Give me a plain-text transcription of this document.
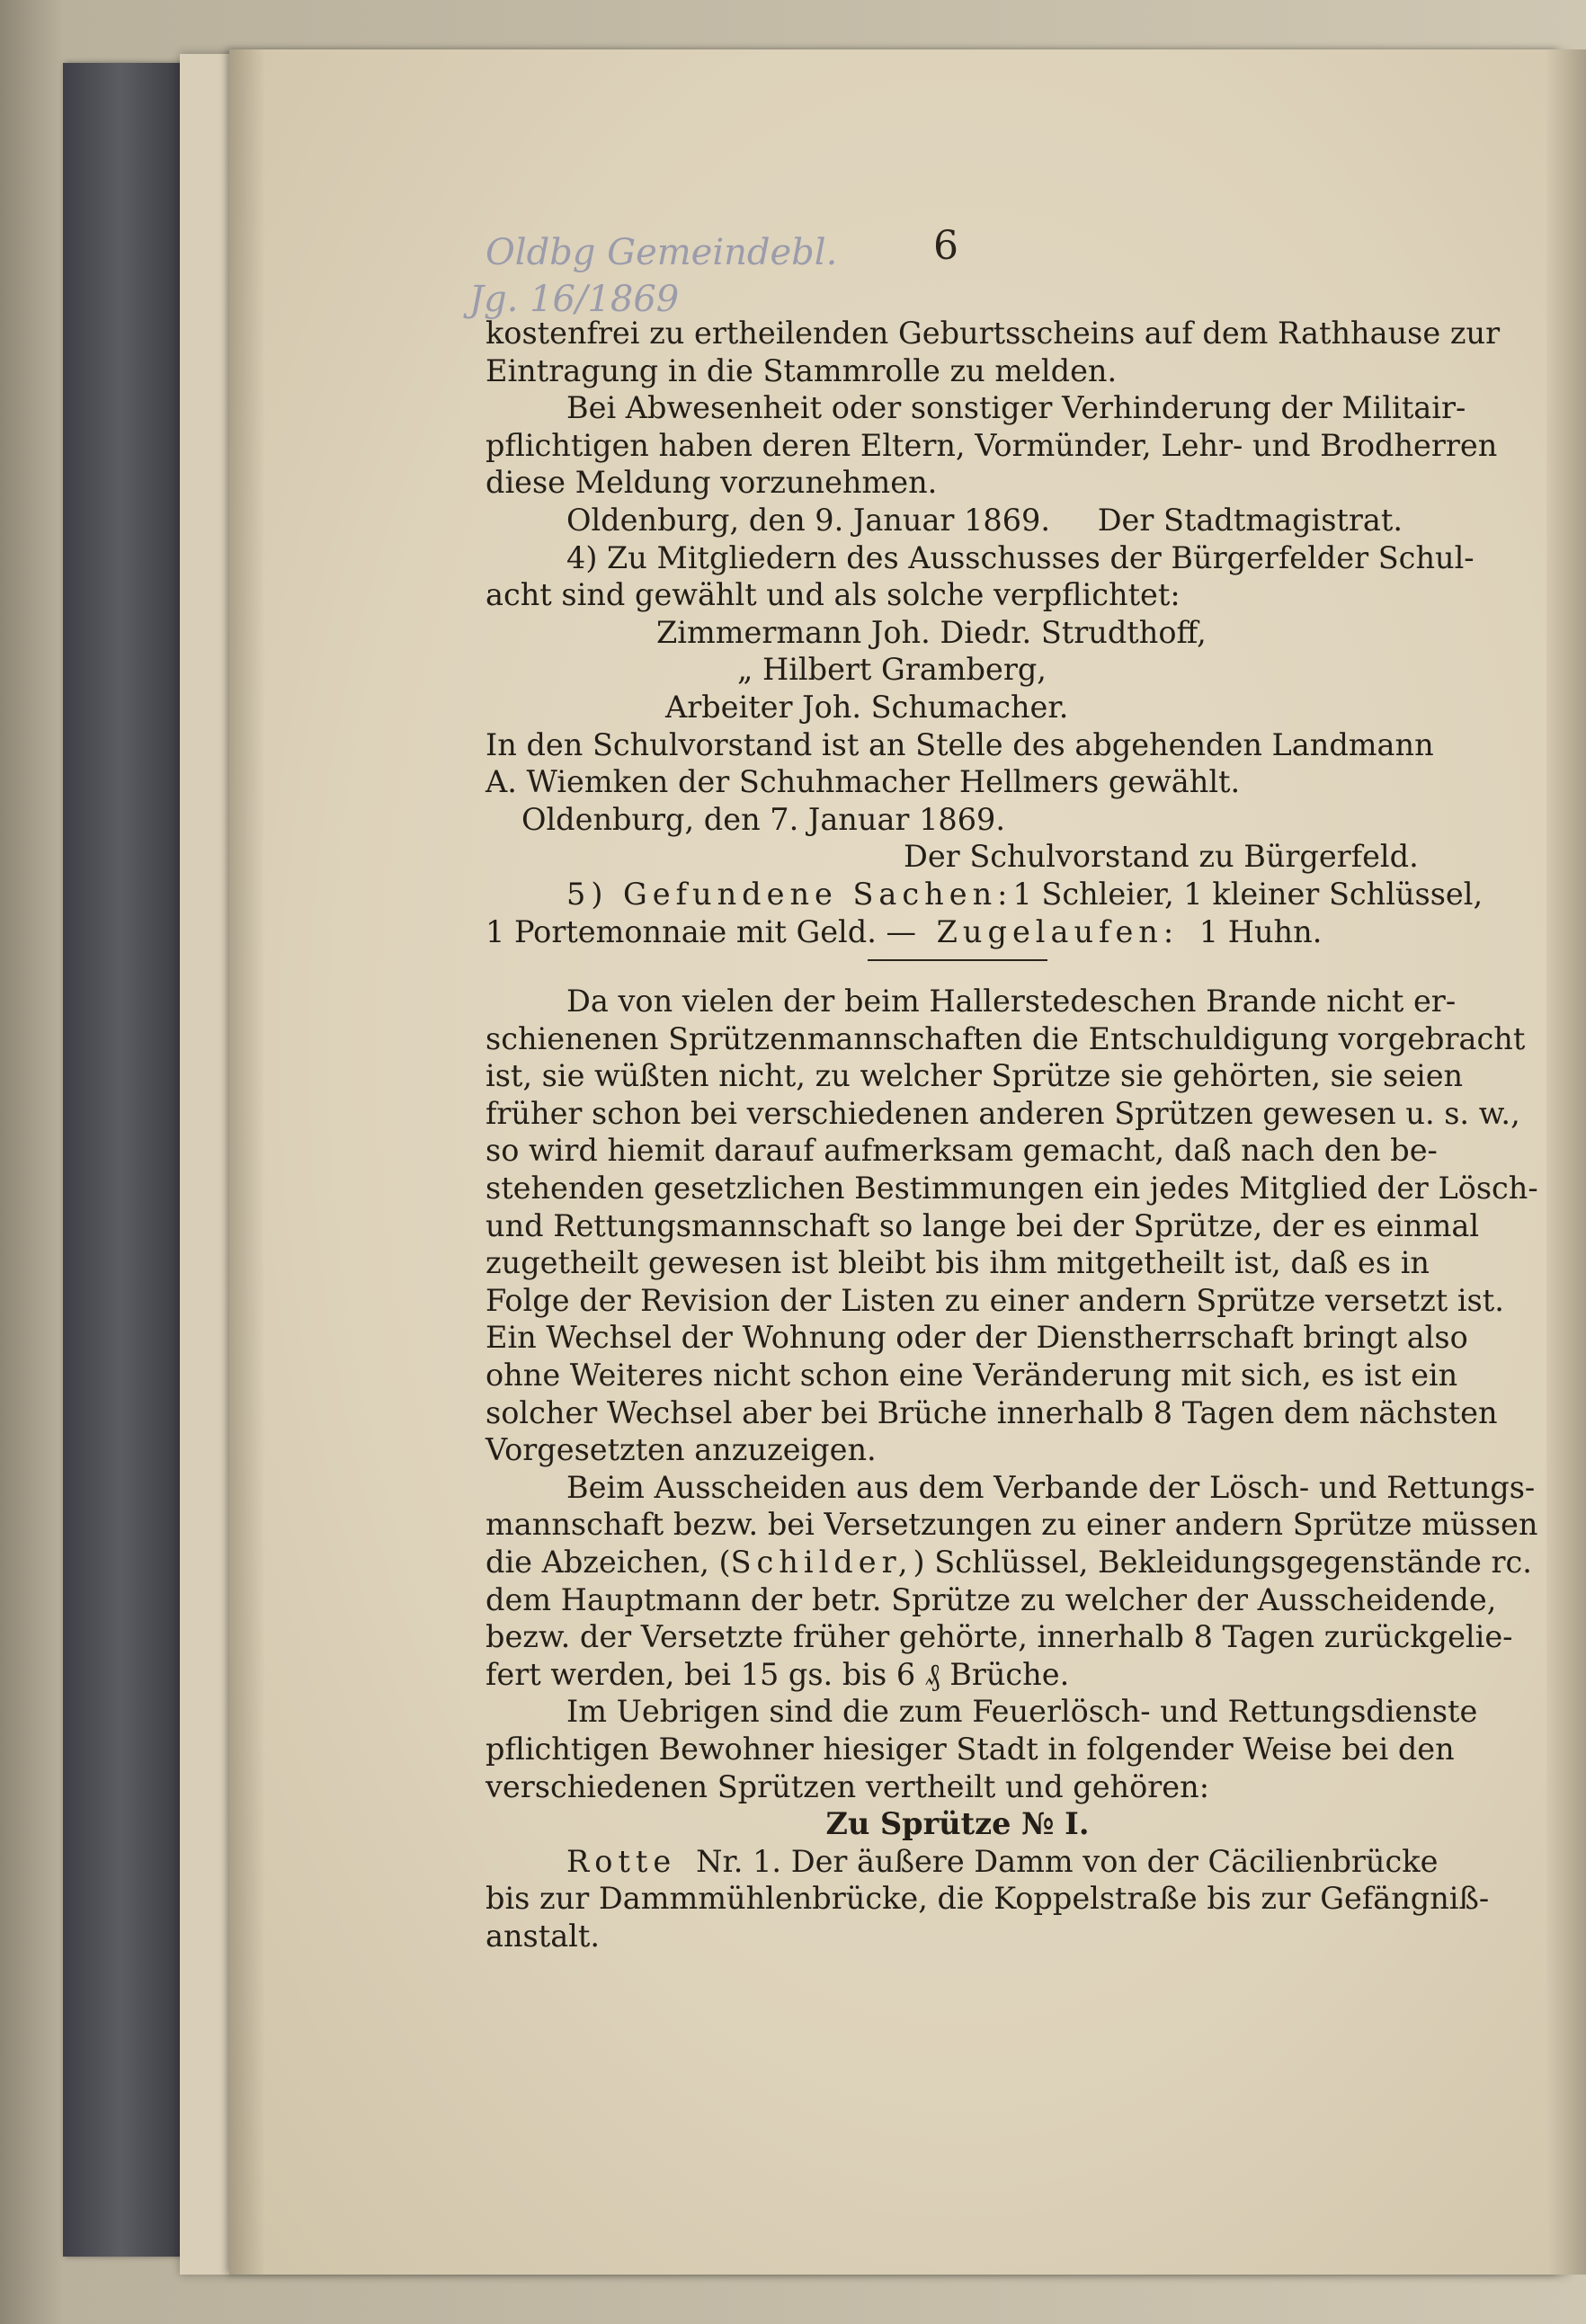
Oldbg Gemeindebl.
Jg. 16/1869
6
kostenfrei zu ertheilenden Geburtsscheins auf dem Rathhause zur
Eintragung in die Stammrolle zu melden.
Bei Abwesenheit oder sonstiger Verhinderung der Militair-
pflichtigen haben deren Eltern, Vormünder, Lehr- und Brodherren
diese Meldung vorzunehmen.
Oldenburg, den 9. Januar 1869. Der Stadtmagistrat.
4) Zu Mitgliedern des Ausschusses der Bürgerfelder Schul-
acht sind gewählt und als solche verpflichtet:
Zimmermann Joh. Diedr. Strudthoff,
„ Hilbert Gramberg,
Arbeiter Joh. Schumacher.
In den Schulvorstand ist an Stelle des abgehenden Landmann
A. Wiemken der Schuhmacher Hellmers gewählt.
Oldenburg, den 7. Januar 1869.
Der Schulvorstand zu Bürgerfeld.
5) Gefundene Sachen: 1 Schleier, 1 kleiner Schlüssel,
1 Portemonnaie mit Geld. — Zugelaufen: 1 Huhn.
Da von vielen der beim Hallerstedeschen Brande nicht er-
schienenen Sprützenmannschaften die Entschuldigung vorgebracht
ist, sie wüßten nicht, zu welcher Sprütze sie gehörten, sie seien
früher schon bei verschiedenen anderen Sprützen gewesen u. s. w.,
so wird hiemit darauf aufmerksam gemacht, daß nach den be-
stehenden gesetzlichen Bestimmungen ein jedes Mitglied der Lösch-
und Rettungsmannschaft so lange bei der Sprütze, der es einmal
zugetheilt gewesen ist bleibt bis ihm mitgetheilt ist, daß es in
Folge der Revision der Listen zu einer andern Sprütze versetzt ist.
Ein Wechsel der Wohnung oder der Dienstherrschaft bringt also
ohne Weiteres nicht schon eine Veränderung mit sich, es ist ein
solcher Wechsel aber bei Brüche innerhalb 8 Tagen dem nächsten
Vorgesetzten anzuzeigen.
Beim Ausscheiden aus dem Verbande der Lösch- und Rettungs-
mannschaft bezw. bei Versetzungen zu einer andern Sprütze müssen
die Abzeichen, (Schilder,) Schlüssel, Bekleidungsgegenstände rc.
dem Hauptmann der betr. Sprütze zu welcher der Ausscheidende,
bezw. der Versetzte früher gehörte, innerhalb 8 Tagen zurückgelie-
fert werden, bei 15 gs. bis 6 ₰ Brüche.
Im Uebrigen sind die zum Feuerlösch- und Rettungsdienste
pflichtigen Bewohner hiesiger Stadt in folgender Weise bei den
verschiedenen Sprützen vertheilt und gehören:
Zu Sprütze № I.
Rotte Nr. 1. Der äußere Damm von der Cäcilienbrücke
bis zur Dammmühlenbrücke, die Koppelstraße bis zur Gefängniß-
anstalt.
